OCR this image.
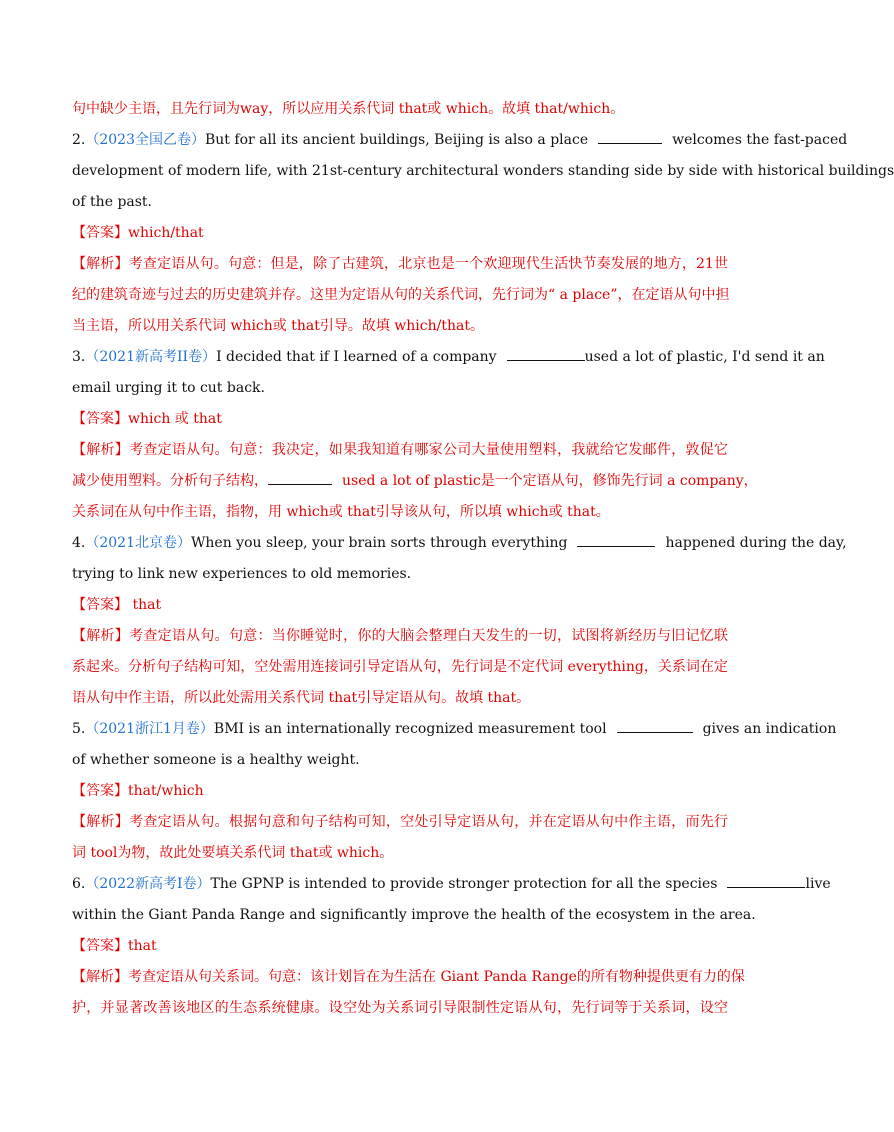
句中缺少主语，且先行词为way，所以应用关系代词 that或 which。故填 that/which。
2.（2023全国乙卷）But for all its ancient buildings, Beijing is also a place	welcomes the fast-paced
development of modern life, with 21st-century architectural wonders standing side by side with historical buildings
of the past.
【答案】which/that
【解析】考查定语从句。句意：但是，除了古建筑，北京也是一个欢迎现代生活快节奏发展的地方，21世
纪的建筑奇迹与过去的历史建筑并存。这里为定语从句的关系代词，先行词为“ a place”，在定语从句中担
当主语，所以用关系代词 which或 that引导。故填 which/that。
3.（2021新高考II卷）I decided that if I learned of a company	used a lot of plastic, I'd send it an
email urging it to cut back.
【答案】which 或 that
【解析】考查定语从句。句意：我决定，如果我知道有哪家公司大量使用塑料，我就给它发邮件，敦促它
减少使用塑料。分析句子结构，	used a lot of plastic是一个定语从句，修饰先行词 a company，
关系词在从句中作主语，指物，用 which或 that引导该从句，所以填 which或 that。
4.（2021北京卷）When you sleep, your brain sorts through everything	happened during the day,
trying to link new experiences to old memories.
【答案】 that
【解析】考查定语从句。句意：当你睡觉时，你的大脑会整理白天发生的一切，试图将新经历与旧记忆联
系起来。分析句子结构可知，空处需用连接词引导定语从句，先行词是不定代词 everything，关系词在定
语从句中作主语，所以此处需用关系代词 that引导定语从句。故填 that。
5.（2021浙江1月卷）BMI is an internationally recognized measurement tool	gives an indication
of whether someone is a healthy weight.
【答案】that/which
【解析】考查定语从句。根据句意和句子结构可知，空处引导定语从句，并在定语从句中作主语，而先行
词 tool为物，故此处要填关系代词 that或 which。
6.（2022新高考I卷）The GPNP is intended to provide stronger protection for all the species	live
within the Giant Panda Range and significantly improve the health of the ecosystem in the area.
【答案】that
【解析】考查定语从句关系词。句意：该计划旨在为生活在 Giant Panda Range的所有物种提供更有力的保
护，并显著改善该地区的生态系统健康。设空处为关系词引导限制性定语从句，先行词等于关系词，设空
